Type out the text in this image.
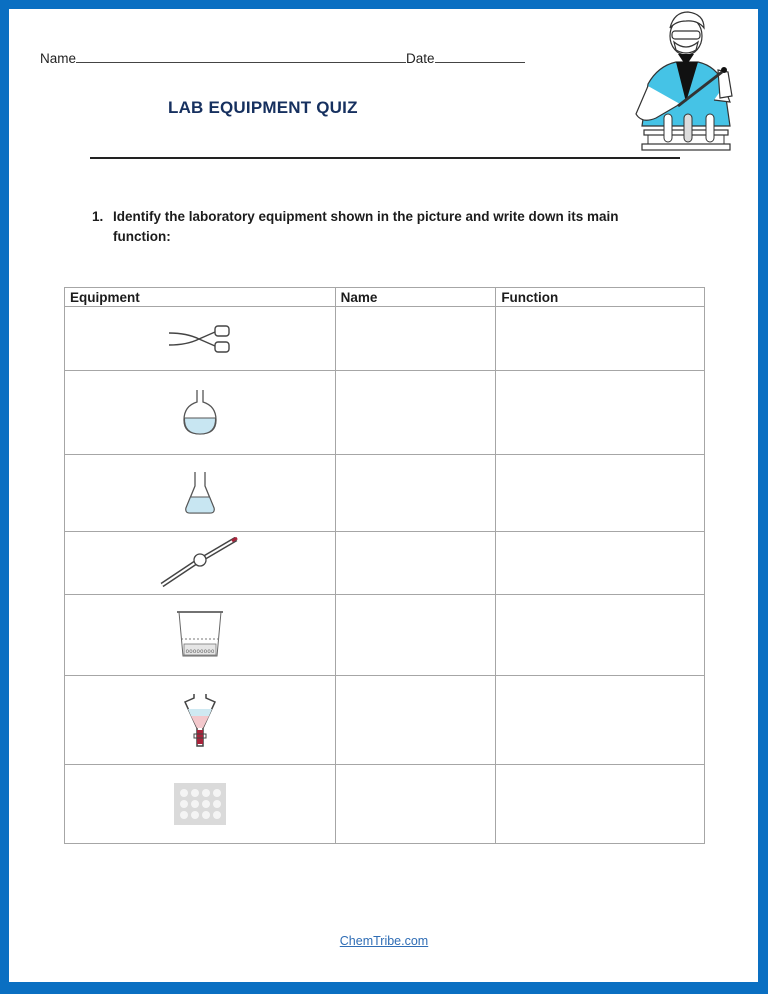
Name	Date
LAB EQUIPMENT QUIZ
1. Identify the laboratory equipment shown in the picture and write down its main function:
Equipment	Name	Function

oooooooo		

ChemTribe.com
